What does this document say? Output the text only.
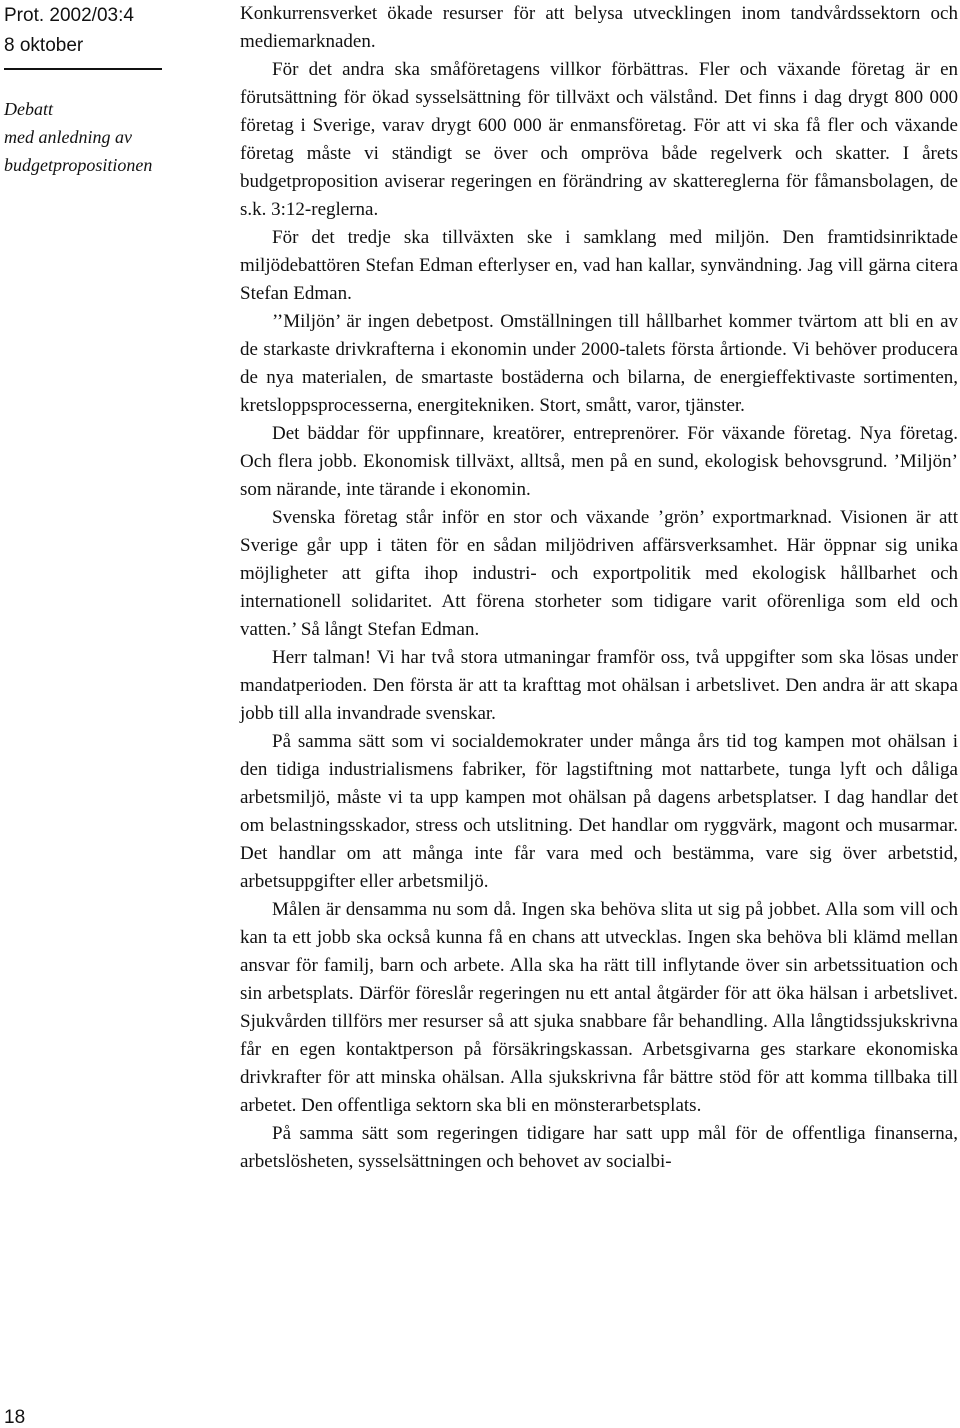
Prot. 2002/03:4
8 oktober
Debatt
med anledning av
budgetpropositionen
18

Konkurrensverket ökade resurser för att belysa utvecklingen inom tandvårdssektorn och mediemarknaden.

För det andra ska småföretagens villkor förbättras. Fler och växande företag är en förutsättning för ökad sysselsättning för tillväxt och välstånd. Det finns i dag drygt 800 000 företag i Sverige, varav drygt 600 000 är enmansföretag. För att vi ska få fler och växande företag måste vi ständigt se över och ompröva både regelverk och skatter. I årets budgetproposition aviserar regeringen en förändring av skattereglerna för fåmansbolagen, de s.k. 3:12-reglerna.

För det tredje ska tillväxten ske i samklang med miljön. Den framtidsinriktade miljödebattören Stefan Edman efterlyser en, vad han kallar, synvändning. Jag vill gärna citera Stefan Edman.

’’Miljön’ är ingen debetpost. Omställningen till hållbarhet kommer tvärtom att bli en av de starkaste drivkrafterna i ekonomin under 2000-talets första årtionde. Vi behöver producera de nya materialen, de smartaste bostäderna och bilarna, de energieffektivaste sortimenten, kretsloppsprocesserna, energitekniken. Stort, smått, varor, tjänster.

Det bäddar för uppfinnare, kreatörer, entreprenörer. För växande företag. Nya företag. Och flera jobb. Ekonomisk tillväxt, alltså, men på en sund, ekologisk behovsgrund. ’Miljön’ som närande, inte tärande i ekonomin.

Svenska företag står inför en stor och växande ’grön’ exportmarknad. Visionen är att Sverige går upp i täten för en sådan miljödriven affärsverksamhet. Här öppnar sig unika möjligheter att gifta ihop industri- och exportpolitik med ekologisk hållbarhet och internationell solidaritet. Att förena storheter som tidigare varit oförenliga som eld och vatten.’ Så långt Stefan Edman.

Herr talman! Vi har två stora utmaningar framför oss, två uppgifter som ska lösas under mandatperioden. Den första är att ta krafttag mot ohälsan i arbetslivet. Den andra är att skapa jobb till alla invandrade svenskar.

På samma sätt som vi socialdemokrater under många års tid tog kampen mot ohälsan i den tidiga industrialismens fabriker, för lagstiftning mot nattarbete, tunga lyft och dåliga arbetsmiljö, måste vi ta upp kampen mot ohälsan på dagens arbetsplatser. I dag handlar det om belastningsskador, stress och utslitning. Det handlar om ryggvärk, magont och musarmar. Det handlar om att många inte får vara med och bestämma, vare sig över arbetstid, arbetsuppgifter eller arbetsmiljö.

Målen är densamma nu som då. Ingen ska behöva slita ut sig på jobbet. Alla som vill och kan ta ett jobb ska också kunna få en chans att utvecklas. Ingen ska behöva bli klämd mellan ansvar för familj, barn och arbete. Alla ska ha rätt till inflytande över sin arbetssituation och sin arbetsplats. Därför föreslår regeringen nu ett antal åtgärder för att öka hälsan i arbetslivet. Sjukvården tillförs mer resurser så att sjuka snabbare får behandling. Alla långtidssjukskrivna får en egen kontaktperson på försäkringskassan. Arbetsgivarna ges starkare ekonomiska drivkrafter för att minska ohälsan. Alla sjukskrivna får bättre stöd för att komma tillbaka till arbetet. Den offentliga sektorn ska bli en mönsterarbetsplats.

På samma sätt som regeringen tidigare har satt upp mål för de offentliga finanserna, arbetslösheten, sysselsättningen och behovet av socialbi-
